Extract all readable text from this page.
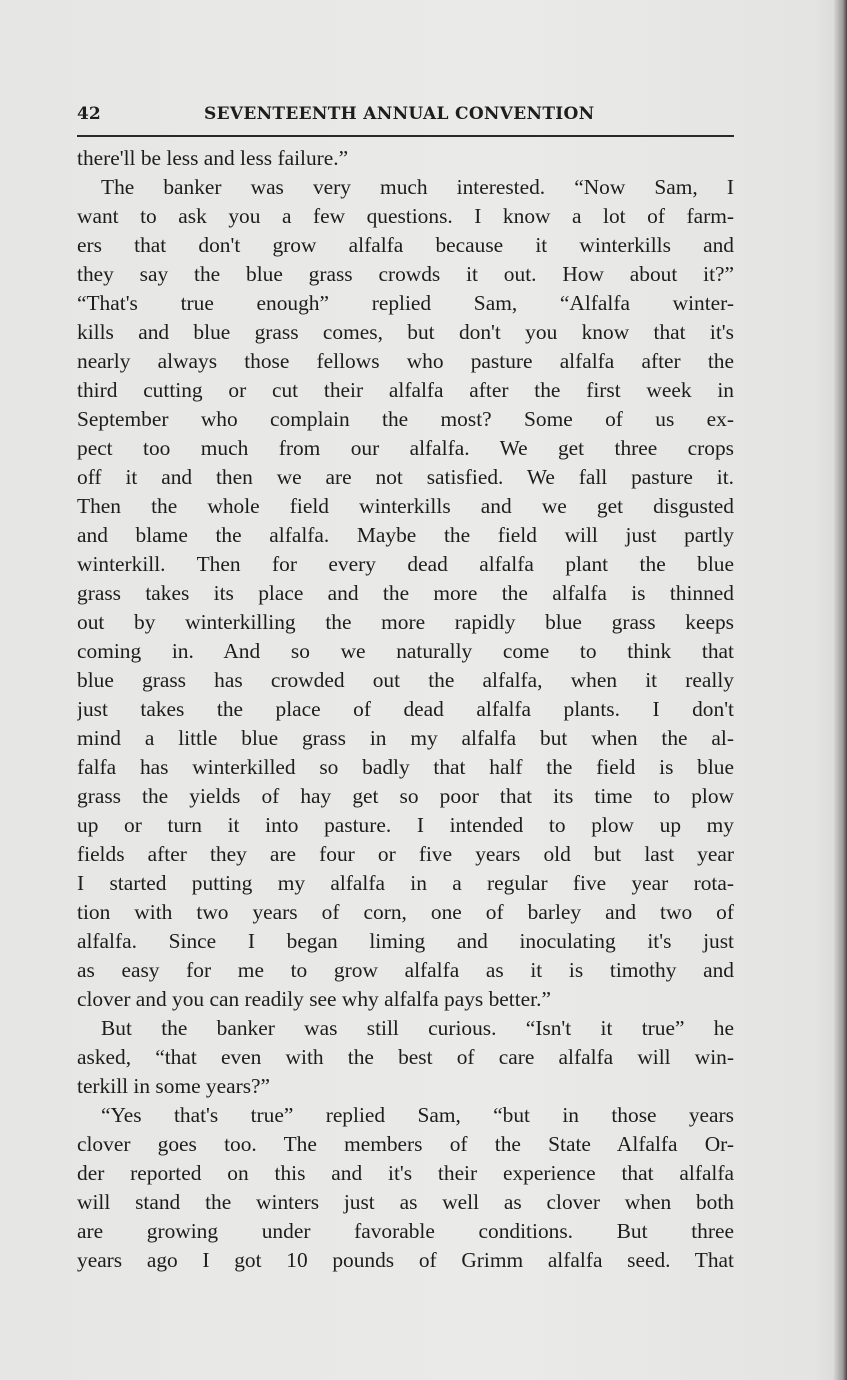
42	SEVENTEENTH ANNUAL CONVENTION
there'll be less and less failure.”
The banker was very much interested. “Now Sam, I
want to ask you a few questions. I know a lot of farm-
ers that don't grow alfalfa because it winterkills and
they say the blue grass crowds it out. How about it?”
“That's true enough” replied Sam, “Alfalfa winter-
kills and blue grass comes, but don't you know that it's
nearly always those fellows who pasture alfalfa after the
third cutting or cut their alfalfa after the first week in
September who complain the most? Some of us ex-
pect too much from our alfalfa. We get three crops
off it and then we are not satisfied. We fall pasture it.
Then the whole field winterkills and we get disgusted
and blame the alfalfa. Maybe the field will just partly
winterkill. Then for every dead alfalfa plant the blue
grass takes its place and the more the alfalfa is thinned
out by winterkilling the more rapidly blue grass keeps
coming in. And so we naturally come to think that
blue grass has crowded out the alfalfa, when it really
just takes the place of dead alfalfa plants. I don't
mind a little blue grass in my alfalfa but when the al-
falfa has winterkilled so badly that half the field is blue
grass the yields of hay get so poor that its time to plow
up or turn it into pasture. I intended to plow up my
fields after they are four or five years old but last year
I started putting my alfalfa in a regular five year rota-
tion with two years of corn, one of barley and two of
alfalfa. Since I began liming and inoculating it's just
as easy for me to grow alfalfa as it is timothy and
clover and you can readily see why alfalfa pays better.”
But the banker was still curious. “Isn't it true” he
asked, “that even with the best of care alfalfa will win-
terkill in some years?”
“Yes that's true” replied Sam, “but in those years
clover goes too. The members of the State Alfalfa Or-
der reported on this and it's their experience that alfalfa
will stand the winters just as well as clover when both
are growing under favorable conditions. But three
years ago I got 10 pounds of Grimm alfalfa seed. That
